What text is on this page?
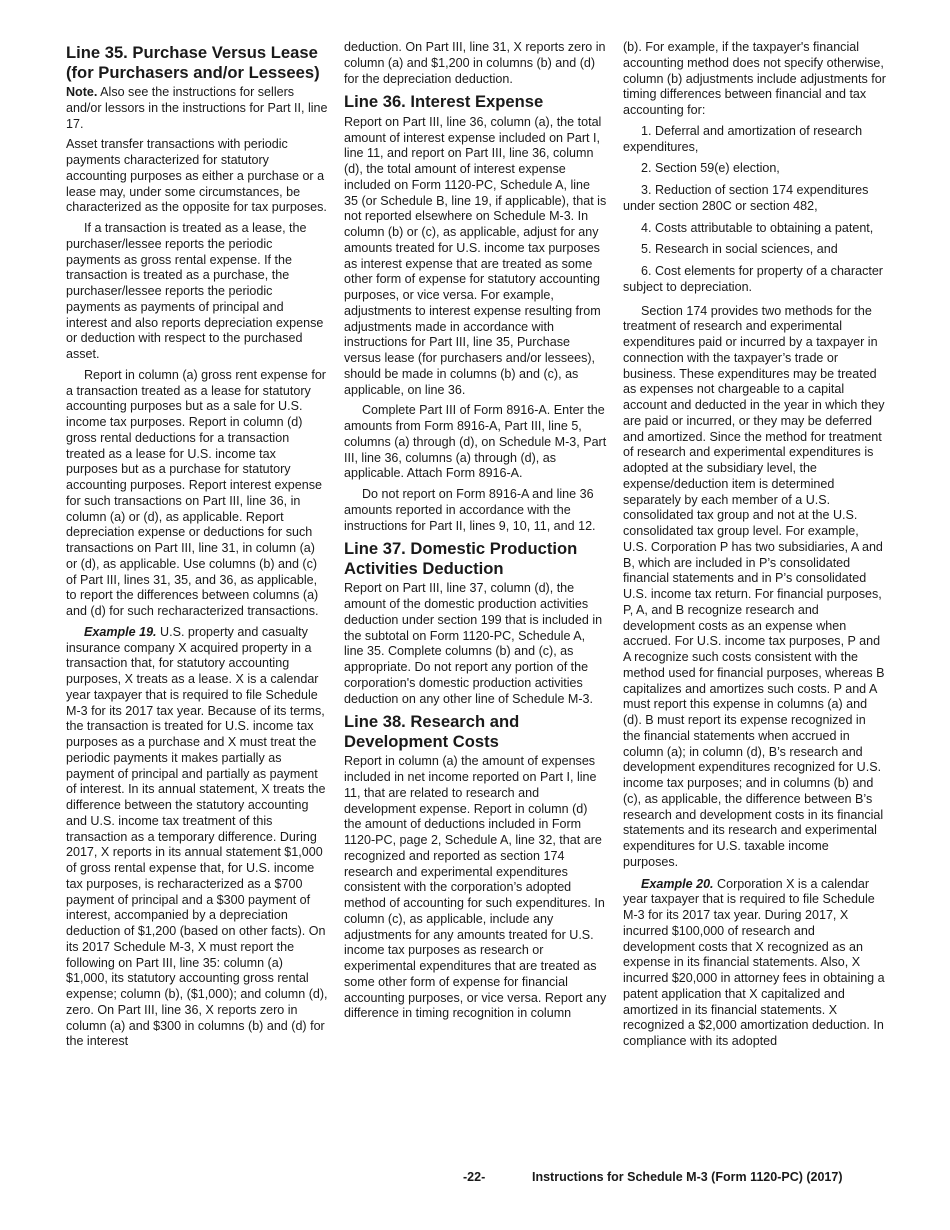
Line 35. Purchase Versus Lease (for Purchasers and/or Lessees)

Note. Also see the instructions for sellers and/or lessors in the instructions for Part II, line 17.

Asset transfer transactions with periodic payments characterized for statutory accounting purposes as either a purchase or a lease may, under some circumstances, be characterized as the opposite for tax purposes.

If a transaction is treated as a lease, the purchaser/lessee reports the periodic payments as gross rental expense. If the transaction is treated as a purchase, the purchaser/lessee reports the periodic payments as payments of principal and interest and also reports depreciation expense or deduction with respect to the purchased asset.

Report in column (a) gross rent expense for a transaction treated as a lease for statutory accounting purposes but as a sale for U.S. income tax purposes. Report in column (d) gross rental deductions for a transaction treated as a lease for U.S. income tax purposes but as a purchase for statutory accounting purposes. Report interest expense for such transactions on Part III, line 36, in column (a) or (d), as applicable. Report depreciation expense or deductions for such transactions on Part III, line 31, in column (a) or (d), as applicable. Use columns (b) and (c) of Part III, lines 31, 35, and 36, as applicable, to report the differences between columns (a) and (d) for such recharacterized transactions.

Example 19. U.S. property and casualty insurance company X acquired property in a transaction that, for statutory accounting purposes, X treats as a lease. X is a calendar year taxpayer that is required to file Schedule M-3 for its 2017 tax year. Because of its terms, the transaction is treated for U.S. income tax purposes as a purchase and X must treat the periodic payments it makes partially as payment of principal and partially as payment of interest. In its annual statement, X treats the difference between the statutory accounting and U.S. income tax treatment of this transaction as a temporary difference. During 2017, X reports in its annual statement $1,000 of gross rental expense that, for U.S. income tax purposes, is recharacterized as a $700 payment of principal and a $300 payment of interest, accompanied by a depreciation deduction of $1,200 (based on other facts). On its 2017 Schedule M-3, X must report the following on Part III, line 35: column (a) $1,000, its statutory accounting gross rental expense; column (b), ($1,000); and column (d), zero. On Part III, line 36, X reports zero in column (a) and $300 in columns (b) and (d) for the interest

deduction. On Part III, line 31, X reports zero in column (a) and $1,200 in columns (b) and (d) for the depreciation deduction.

Line 36. Interest Expense

Report on Part III, line 36, column (a), the total amount of interest expense included on Part I, line 11, and report on Part III, line 36, column (d), the total amount of interest expense included on Form 1120-PC, Schedule A, line 35 (or Schedule B, line 19, if applicable), that is not reported elsewhere on Schedule M-3. In column (b) or (c), as applicable, adjust for any amounts treated for U.S. income tax purposes as interest expense that are treated as some other form of expense for statutory accounting purposes, or vice versa. For example, adjustments to interest expense resulting from adjustments made in accordance with instructions for Part III, line 35, Purchase versus lease (for purchasers and/or lessees), should be made in columns (b) and (c), as applicable, on line 36.

Complete Part III of Form 8916-A. Enter the amounts from Form 8916-A, Part III, line 5, columns (a) through (d), on Schedule M-3, Part III, line 36, columns (a) through (d), as applicable. Attach Form 8916-A.

Do not report on Form 8916-A and line 36 amounts reported in accordance with the instructions for Part II, lines 9, 10, 11, and 12.

Line 37. Domestic Production Activities Deduction

Report on Part III, line 37, column (d), the amount of the domestic production activities deduction under section 199 that is included in the subtotal on Form 1120-PC, Schedule A, line 35. Complete columns (b) and (c), as appropriate. Do not report any portion of the corporation's domestic production activities deduction on any other line of Schedule M-3.

Line 38. Research and Development Costs

Report in column (a) the amount of expenses included in net income reported on Part I, line 11, that are related to research and development expense. Report in column (d) the amount of deductions included in Form 1120-PC, page 2, Schedule A, line 32, that are recognized and reported as section 174 research and experimental expenditures consistent with the corporation’s adopted method of accounting for such expenditures. In column (c), as applicable, include any adjustments for any amounts treated for U.S. income tax purposes as research or experimental expenditures that are treated as some other form of expense for financial accounting purposes, or vice versa. Report any difference in timing recognition in column

(b). For example, if the taxpayer's financial accounting method does not specify otherwise, column (b) adjustments include adjustments for timing differences between financial and tax accounting for:

1. Deferral and amortization of research expenditures,

2. Section 59(e) election,

3. Reduction of section 174 expenditures under section 280C or section 482,

4. Costs attributable to obtaining a patent,

5. Research in social sciences, and

6. Cost elements for property of a character subject to depreciation.

Section 174 provides two methods for the treatment of research and experimental expenditures paid or incurred by a taxpayer in connection with the taxpayer’s trade or business. These expenditures may be treated as expenses not chargeable to a capital account and deducted in the year in which they are paid or incurred, or they may be deferred and amortized. Since the method for treatment of research and experimental expenditures is adopted at the subsidiary level, the expense/deduction item is determined separately by each member of a U.S. consolidated tax group and not at the U.S. consolidated tax group level. For example, U.S. Corporation P has two subsidiaries, A and B, which are included in P’s consolidated financial statements and in P’s consolidated U.S. income tax return. For financial purposes, P, A, and B recognize research and development costs as an expense when accrued. For U.S. income tax purposes, P and A recognize such costs consistent with the method used for financial purposes, whereas B capitalizes and amortizes such costs. P and A must report this expense in columns (a) and (d). B must report its expense recognized in the financial statements when accrued in column (a); in column (d), B’s research and development expenditures recognized for U.S. income tax purposes; and in columns (b) and (c), as applicable, the difference between B’s research and development costs in its financial statements and its research and experimental expenditures for U.S. taxable income purposes.

Example 20. Corporation X is a calendar year taxpayer that is required to file Schedule M-3 for its 2017 tax year. During 2017, X incurred $100,000 of research and development costs that X recognized as an expense in its financial statements. Also, X incurred $20,000 in attorney fees in obtaining a patent application that X capitalized and amortized in its financial statements. X recognized a $2,000 amortization deduction. In compliance with its adopted

-22-	Instructions for Schedule M-3 (Form 1120-PC) (2017)
